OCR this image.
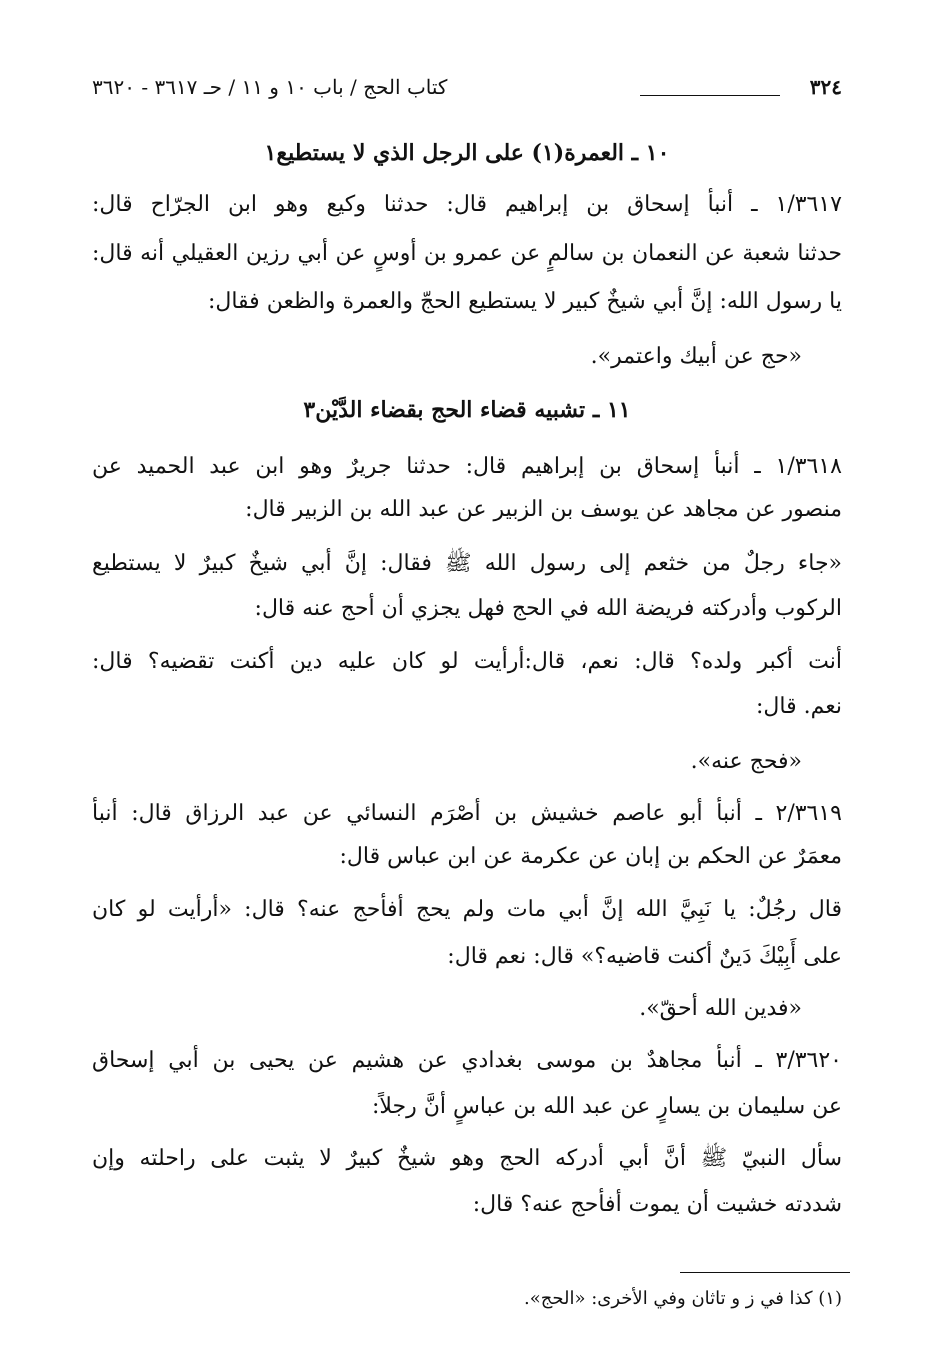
٣٢٤
كتاب الحج / باب ١٠ و ١١ / حـ ٣٦١٧ - ٣٦٢٠
١٠ ـ العمرة(١) على الرجل الذي لا يستطيع١
١/٣٦١٧ ـ أنبأ إسحاق بن إبراهيم قال: حدثنا وكيع وهو ابن الجرّاح قال:
حدثنا شعبة عن النعمان بن سالمٍ عن عمرو بن أوسٍ عن أبي رزين العقيلي أنه قال:
يا رسول الله: إنَّ أبي شيخٌ كبير لا يستطيع الحجّ والعمرة والظعن فقال:
«حج عن أبيك واعتمر».
١١ ـ تشبيه قضاء الحج بقضاء الدَّيْن٣
١/٣٦١٨ ـ أنبأ إسحاق بن إبراهيم قال: حدثنا جريرٌ وهو ابن عبد الحميد عن
منصور عن مجاهد عن يوسف بن الزبير عن عبد الله بن الزبير قال:
«جاء رجلٌ من خثعم إلى رسول الله ﷺ فقال: إنَّ أبي شيخٌ كبيرٌ لا يستطيع
الركوب وأدركته فريضة الله في الحج فهل يجزي أن أحج عنه قال:
أنت أكبر ولده؟ قال: نعم، قال:أرأيت لو كان عليه دين أكنت تقضيه؟ قال:
نعم. قال:
«فحج عنه».
٢/٣٦١٩ ـ أنبأ أبو عاصم خشيش بن أصْرَم النسائي عن عبد الرزاق قال: أنبأ
معمَرٌ عن الحكم بن إبان عن عكرمة عن ابن عباس قال:
قال رجُلٌ: يا نَبِيَّ الله إنَّ أبي مات ولم يحج أفأحج عنه؟ قال: «أرأيت لو كان
على أَبِيْكَ دَينٌ أكنت قاضيه؟» قال: نعم قال:
«فدين الله أحقّ».
٣/٣٦٢٠ ـ أنبأ مجاهدٌ بن موسى بغدادي عن هشيم عن يحيى بن أبي إسحاق
عن سليمان بن يسارٍ عن عبد الله بن عباسٍ أنَّ رجلاً:
سأل النبيّ ﷺ أنَّ أبي أدركه الحج وهو شيخٌ كبيرٌ لا يثبت على راحلته وإن
شددته خشيت أن يموت أفأحج عنه؟ قال:
(١) كذا في ز و تاثان وفي الأخرى: «الحج».
